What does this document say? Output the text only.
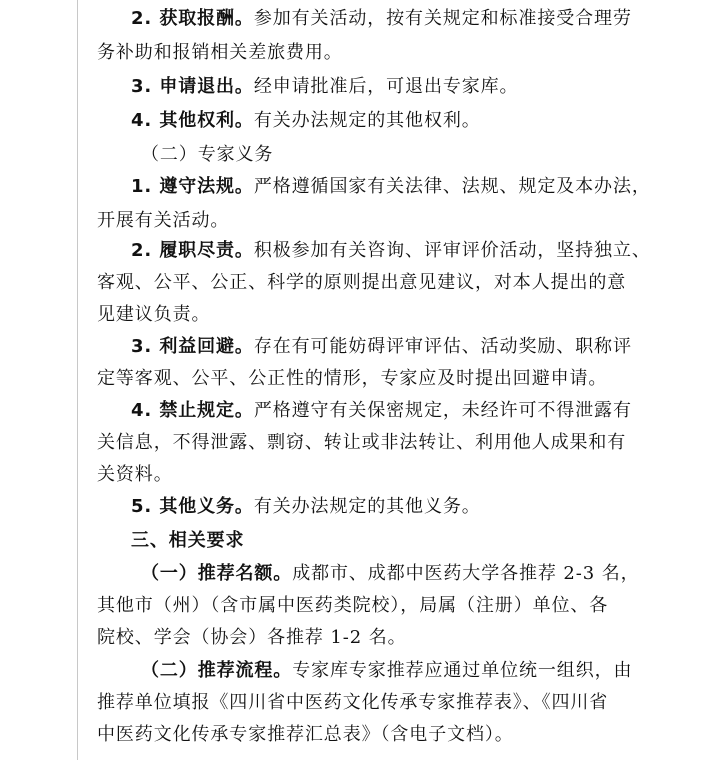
2. 获取报酬。参加有关活动，按有关规定和标准接受合理劳
务补助和报销相关差旅费用。
3. 申请退出。经申请批准后，可退出专家库。
4. 其他权利。有关办法规定的其他权利。
（二）专家义务
1. 遵守法规。严格遵循国家有关法律、法规、规定及本办法，
开展有关活动。
2. 履职尽责。积极参加有关咨询、评审评价活动，坚持独立、
客观、公平、公正、科学的原则提出意见建议，对本人提出的意
见建议负责。
3. 利益回避。存在有可能妨碍评审评估、活动奖励、职称评
定等客观、公平、公正性的情形，专家应及时提出回避申请。
4. 禁止规定。严格遵守有关保密规定，未经许可不得泄露有
关信息，不得泄露、剽窃、转让或非法转让、利用他人成果和有
关资料。
5. 其他义务。有关办法规定的其他义务。
三、相关要求
（一）推荐名额。成都市、成都中医药大学各推荐 2-3 名，
其他市（州）（含市属中医药类院校），局属（注册）单位、各
院校、学会（协会）各推荐 1-2 名。
（二）推荐流程。专家库专家推荐应通过单位统一组织，由
推荐单位填报《四川省中医药文化传承专家推荐表》、《四川省
中医药文化传承专家推荐汇总表》（含电子文档）。
